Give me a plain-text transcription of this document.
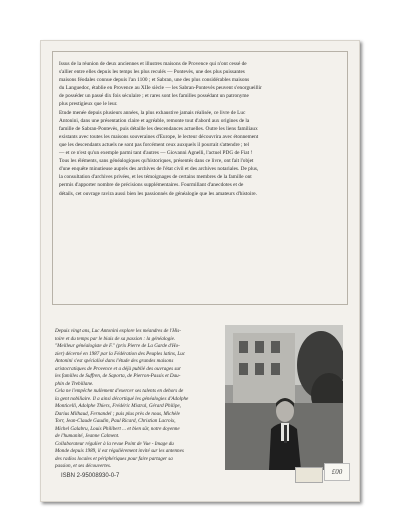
Issus de la réunion de deux anciennes et illustres maisons de Provence qui n'ont cessé de

s'allier entre elles depuis les temps les plus reculés — Pontevès, une des plus puissantes

maisons féodales connue depuis l'an 1100 ; et Sabran, une des plus considérables maisons

du Languedoc, établie en Provence au XIIe siècle — les Sabran-Pontevès peuvent s'enorgueillir

de posséder un passé dix fois séculaire ; et rares sont les familles possédant un patronyme

plus prestigieux que le leur.

Etude menée depuis plusieurs années, la plus exhaustive jamais réalisée, ce livre de Luc

Antonini, dans une présentation claire et agréable, remonte tout d'abord aux origines de la

famille de Sabran-Pontevès, puis détaille les descendances actuelles. Outre les liens familiaux

existants avec toutes les maisons souveraines d'Europe, le lecteur découvrira avec étonnement

que les descendants actuels ne sont pas forcément ceux auxquels il pourrait s'attendre ; tel

— et ce n'est qu'un exemple parmi tant d'autres — Giovanni Agnelli, l'actuel PDG de Fiat !

Tous les éléments, sans généalogiques qu'historiques, présentés dans ce livre, ont fait l'objet

d'une enquête minutieuse auprès des archives de l'état civil et des archives notariales. De plus,

la consultation d'archives privées, et les témoignages de certains membres de la famille ont

permis d'apporter nombre de précisions supplémentaires. Fourmillant d'anecdotes et de

détails, cet ouvrage ravira aussi bien les passionnés de généalogie que les amateurs d'histoire.

Depuis vingt ans, Luc Antonini explore les méandres de l'His-

toire et du temps par le biais de sa passion : la généalogie.

"Meilleur généalogiste de F." (prix Pierre de La Garde d'Ho-

zier) décerné en 1987 par la Fédération des Peuples latins, Luc

Antonini s'est spécialisé dans l'étude des grandes maisons

aristocratiques de Provence et a déjà publié des ouvrages sur

les familles de Suffren, de Saporta, de Pierron-Passis et Dau-

phin de Trebillane.

Cela ne l'empêche nullement d'exercer ses talents en dehors de

la gent nobiliaire. Il a ainsi décortiqué les généalogies d'Adolphe

Monticelli, Adolphe Thiers, Frédéric Mistral, Gérard Philipe,

Darius Milhaud, Fernandel ; puis plus près de nous, Michèle

Torr, Jean-Claude Gaudin, Paul Ricard, Christian Lacroix,

Michel Galabru, Louis Philibert ... et bien sûr, notre doyenne

de l'humanité, Jeanne Calment.

Collaborateur régulier à la revue Point de Vue - Image du

Monde depuis 1989, il est régulièrement invité sur les antennes

des radios locales et périphériques pour faire partager sa

passion, et ses découvertes.

ISBN 2-95008930-0-7	£00
